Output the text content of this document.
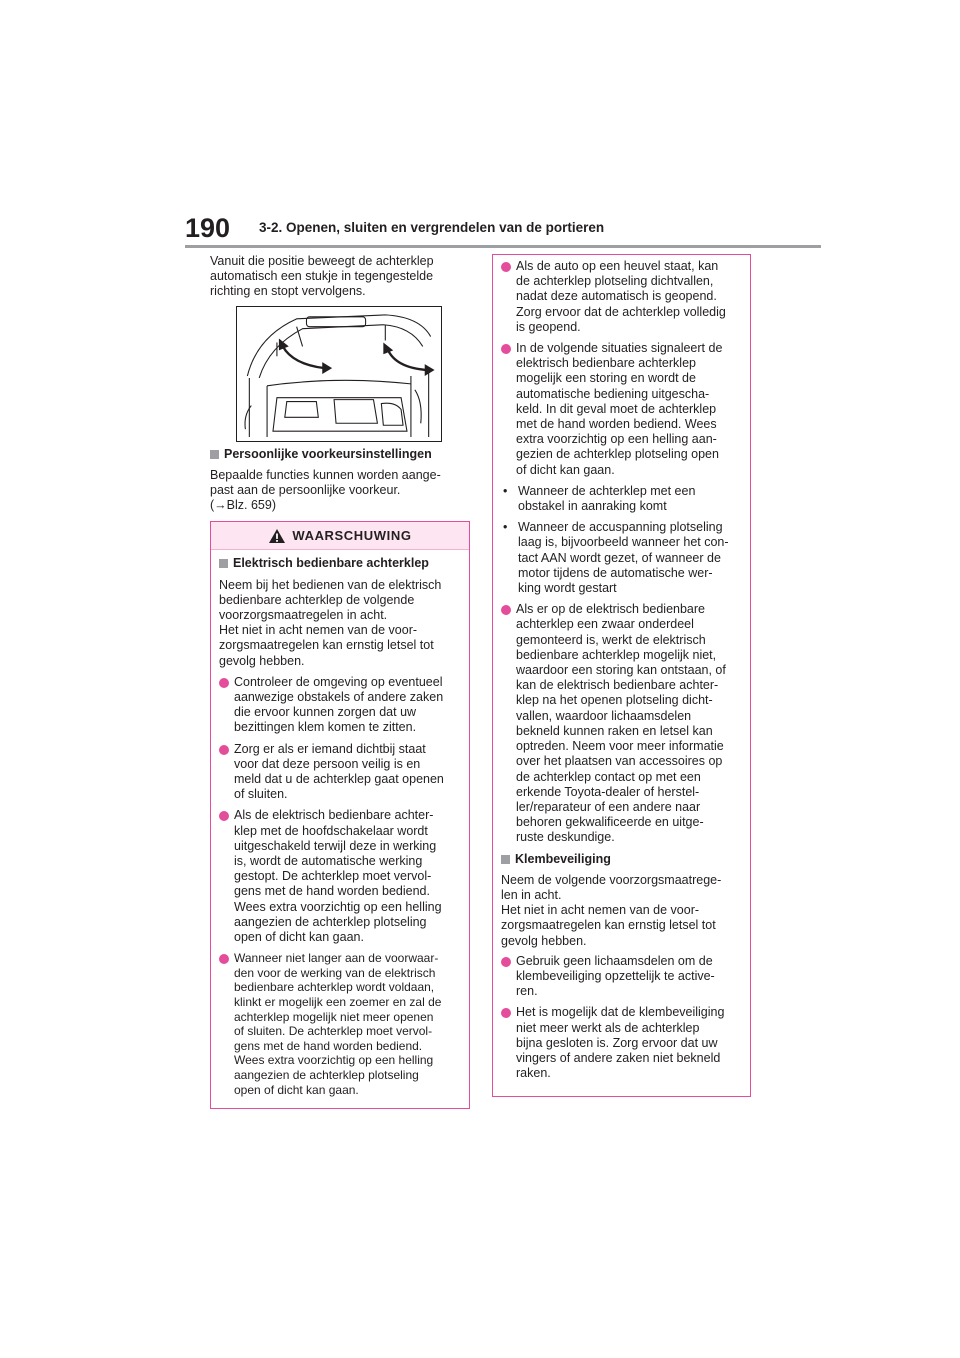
190 3-2. Openen, sluiten en vergrendelen van de portieren

Vanuit die positie beweegt de achterklep
automatisch een stukje in tegengestelde
richting en stopt vervolgens.

Persoonlijke voorkeursinstellingen

Bepaalde functies kunnen worden aange-
past aan de persoonlijke voorkeur.
(→Blz. 659)

WAARSCHUWING
Elektrisch bedienbare achterklep

Neem bij het bedienen van de elektrisch
bedienbare achterklep de volgende
voorzorgsmaatregelen in acht.
Het niet in acht nemen van de voor-
zorgsmaatregelen kan ernstig letsel tot
gevolg hebben.

Controleer de omgeving op eventueel
aanwezige obstakels of andere zaken
die ervoor kunnen zorgen dat uw
bezittingen klem komen te zitten.
Zorg er als er iemand dichtbij staat
voor dat deze persoon veilig is en
meld dat u de achterklep gaat openen
of sluiten.
Als de elektrisch bedienbare achter-
klep met de hoofdschakelaar wordt
uitgeschakeld terwijl deze in werking
is, wordt de automatische werking
gestopt. De achterklep moet vervol-
gens met de hand worden bediend.
Wees extra voorzichtig op een helling
aangezien de achterklep plotseling
open of dicht kan gaan.
Wanneer niet langer aan de voorwaar-
den voor de werking van de elektrisch
bedienbare achterklep wordt voldaan,
klinkt er mogelijk een zoemer en zal de
achterklep mogelijk niet meer openen
of sluiten. De achterklep moet vervol-
gens met de hand worden bediend.
Wees extra voorzichtig op een helling
aangezien de achterklep plotseling
open of dicht kan gaan.
Als de auto op een heuvel staat, kan
de achterklep plotseling dichtvallen,
nadat deze automatisch is geopend.
Zorg ervoor dat de achterklep volledig
is geopend.
In de volgende situaties signaleert de
elektrisch bedienbare achterklep
mogelijk een storing en wordt de
automatische bediening uitgescha-
keld. In dit geval moet de achterklep
met de hand worden bediend. Wees
extra voorzichtig op een helling aan-
gezien de achterklep plotseling open
of dicht kan gaan.
• Wanneer de achterklep met een
obstakel in aanraking komt
• Wanneer de accuspanning plotseling
laag is, bijvoorbeeld wanneer het con-
tact AAN wordt gezet, of wanneer de
motor tijdens de automatische wer-
king wordt gestart
Als er op de elektrisch bedienbare
achterklep een zwaar onderdeel
gemonteerd is, werkt de elektrisch
bedienbare achterklep mogelijk niet,
waardoor een storing kan ontstaan, of
kan de elektrisch bedienbare achter-
klep na het openen plotseling dicht-
vallen, waardoor lichaamsdelen
bekneld kunnen raken en letsel kan
optreden. Neem voor meer informatie
over het plaatsen van accessoires op
de achterklep contact op met een
erkende Toyota-dealer of herstel-
ler/reparateur of een andere naar
behoren gekwalificeerde en uitge-
ruste deskundige.
Klembeveiliging

Neem de volgende voorzorgsmaatrege-
len in acht.
Het niet in acht nemen van de voor-
zorgsmaatregelen kan ernstig letsel tot
gevolg hebben.

Gebruik geen lichaamsdelen om de
klembeveiliging opzettelijk te active-
ren.
Het is mogelijk dat de klembeveiliging
niet meer werkt als de achterklep
bijna gesloten is. Zorg ervoor dat uw
vingers of andere zaken niet bekneld
raken.
